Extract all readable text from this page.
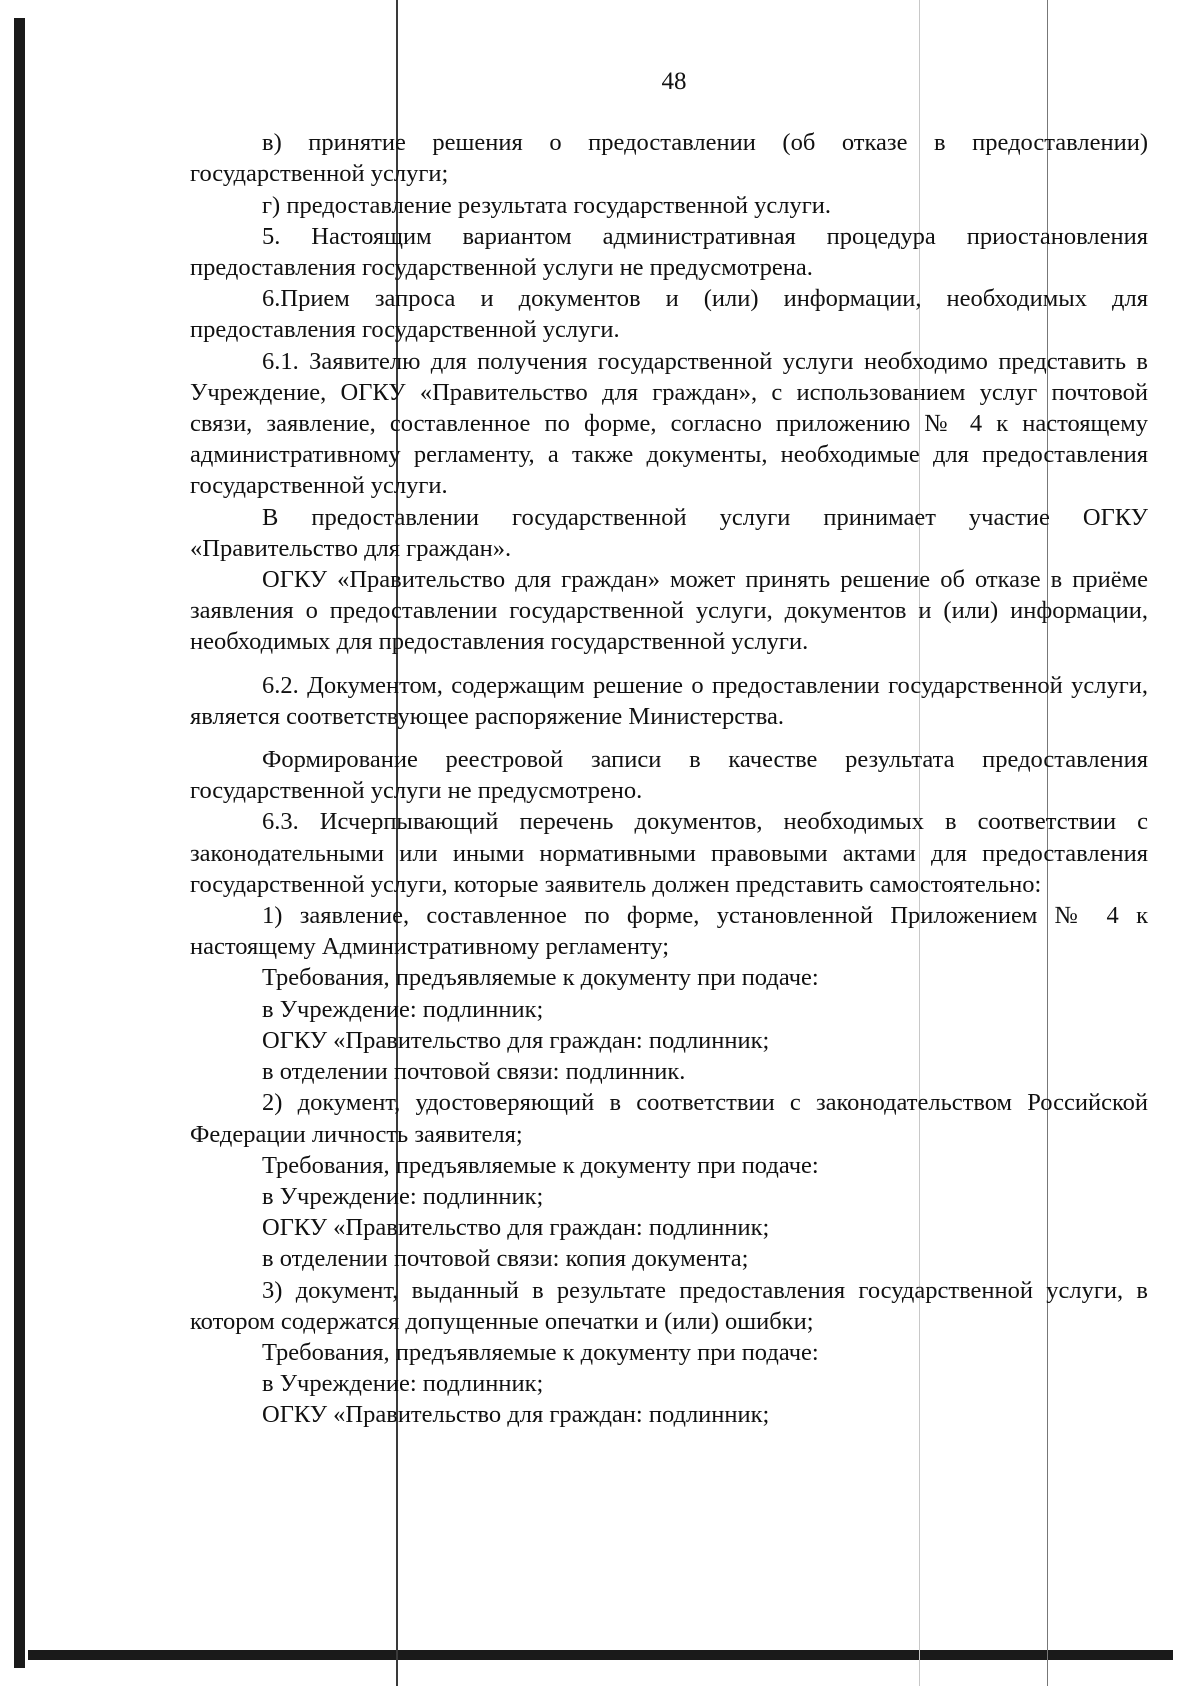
48

в) принятие решения о предоставлении (об отказе в предоставлении) государственной услуги;

г) предоставление результата государственной услуги.

5. Настоящим вариантом административная процедура приостановления предоставления государственной услуги не предусмотрена.

6.Прием запроса и документов и (или) информации, необходимых для предоставления государственной услуги.

6.1. Заявителю для получения государственной услуги необходимо представить в Учреждение, ОГКУ «Правительство для граждан», с использованием услуг почтовой связи, заявление, составленное по форме, согласно приложению № 4 к настоящему административному регламенту, а также документы, необходимые для предоставления государственной услуги.

В предоставлении государственной услуги принимает участие ОГКУ «Правительство для граждан».

ОГКУ «Правительство для граждан» может принять решение об отказе в приёме заявления о предоставлении государственной услуги, документов и (или) информации, необходимых для предоставления государственной услуги.

6.2. Документом, содержащим решение о предоставлении государственной услуги, является соответствующее распоряжение Министерства.

Формирование реестровой записи в качестве результата предоставления государственной услуги не предусмотрено.

6.3. Исчерпывающий перечень документов, необходимых в соответствии с законодательными или иными нормативными правовыми актами для предоставления государственной услуги, которые заявитель должен представить самостоятельно:

1) заявление, составленное по форме, установленной Приложением № 4 к настоящему Административному регламенту;

Требования, предъявляемые к документу при подаче:

в Учреждение: подлинник;

ОГКУ «Правительство для граждан: подлинник;

в отделении почтовой связи: подлинник.

2) документ, удостоверяющий в соответствии с законодательством Российской Федерации личность заявителя;

Требования, предъявляемые к документу при подаче:

в Учреждение: подлинник;

ОГКУ «Правительство для граждан: подлинник;

в отделении почтовой связи: копия документа;

3) документ, выданный в результате предоставления государственной услуги, в котором содержатся допущенные опечатки и (или) ошибки;

Требования, предъявляемые к документу при подаче:

в Учреждение: подлинник;

ОГКУ «Правительство для граждан: подлинник;
